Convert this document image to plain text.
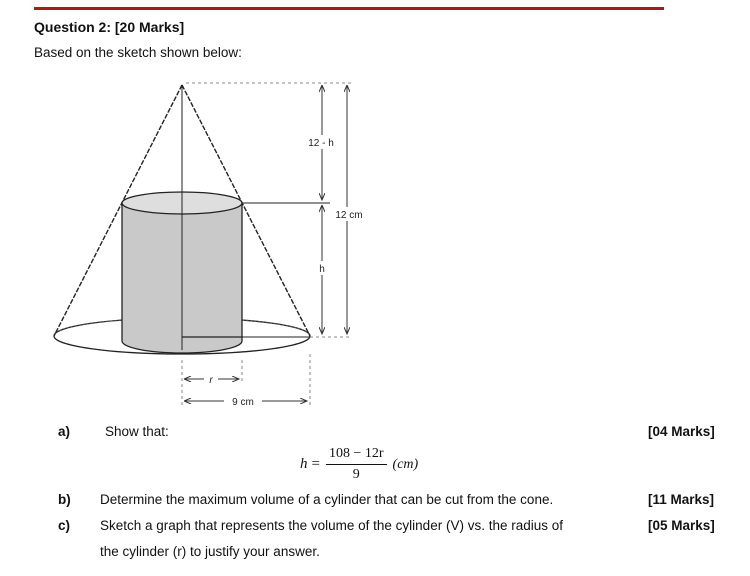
Question 2: [20 Marks]
Based on the sketch shown below:
12 - h
h
12 cm
r
9 cm
a)	Show that:	[04 Marks]
$h = \frac{108 - 12r}{9} (cm)$
b) Determine the maximum volume of a cylinder that can be cut from the cone.	[11 Marks]
c) Sketch a graph that represents the volume of the cylinder (V) vs. the radius of	[05 Marks]
the cylinder (r) to justify your answer.
